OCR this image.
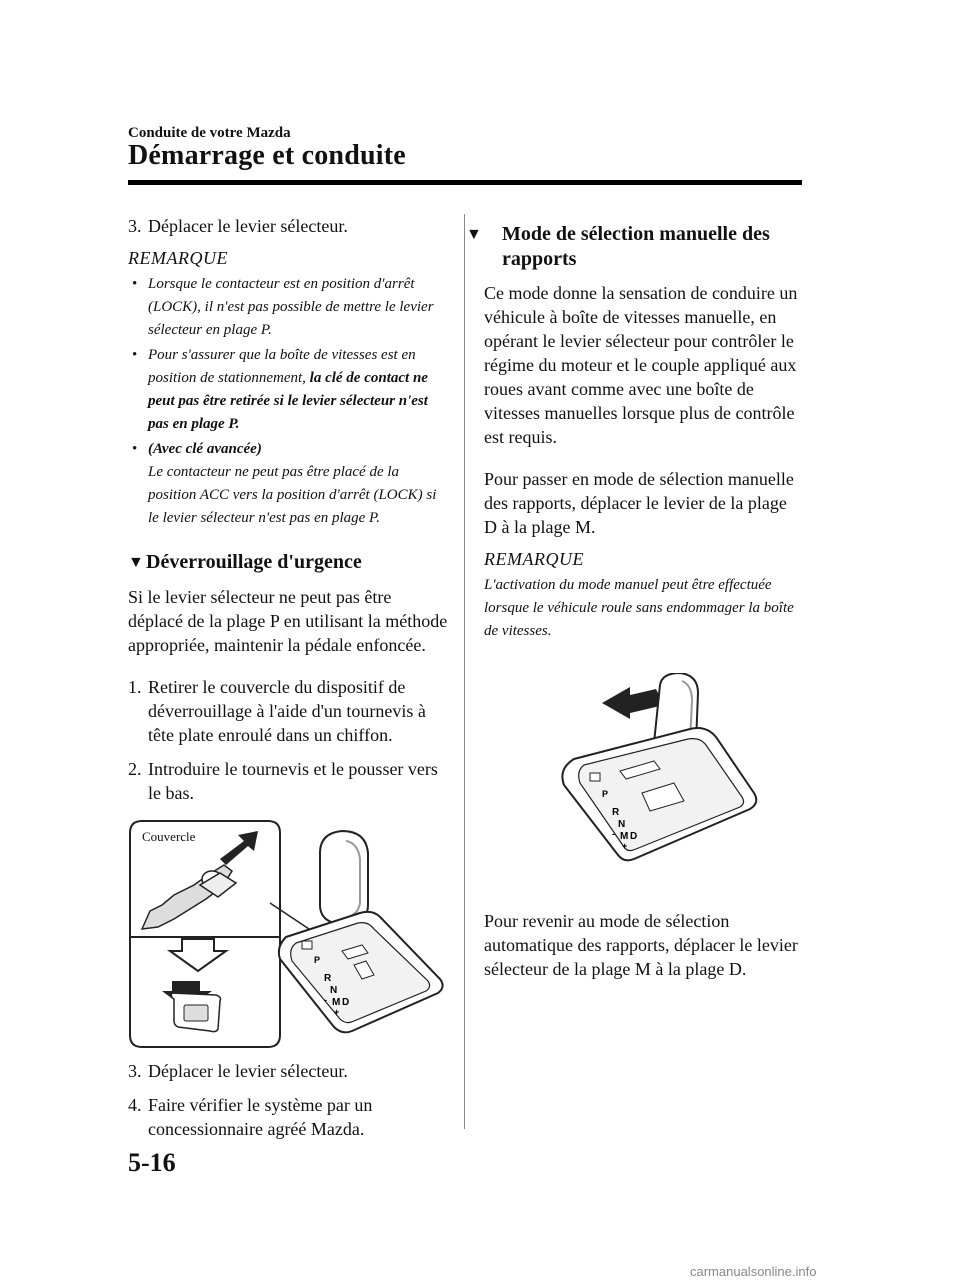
Conduite de votre Mazda
Démarrage et conduite

3. Déplacer le levier sélecteur.

REMARQUE
• Lorsque le contacteur est en position d'arrêt (LOCK), il n'est pas possible de mettre le levier sélecteur en plage P.
• Pour s'assurer que la boîte de vitesses est en position de stationnement, la clé de contact ne peut pas être retirée si le levier sélecteur n'est pas en plage P.
• (Avec clé avancée)
Le contacteur ne peut pas être placé de la position ACC vers la position d'arrêt (LOCK) si le levier sélecteur n'est pas en plage P.
▼ Déverrouillage d'urgence

Si le levier sélecteur ne peut pas être déplacé de la plage P en utilisant la méthode appropriée, maintenir la pédale enfoncée.

1. Retirer le couvercle du dispositif de déverrouillage à l'aide d'un tournevis à tête plate enroulé dans un chiffon.

2. Introduire le tournevis et le pousser vers le bas.

P
R
N
M D
-
+
Couvercle

3. Déplacer le levier sélecteur.

4. Faire vérifier le système par un concessionnaire agréé Mazda.

▼ Mode de sélection manuelle des rapports

Ce mode donne la sensation de conduire un véhicule à boîte de vitesses manuelle, en opérant le levier sélecteur pour contrôler le régime du moteur et le couple appliqué aux roues avant comme avec une boîte de vitesses manuelles lorsque plus de contrôle est requis.

Pour passer en mode de sélection manuelle des rapports, déplacer le levier de la plage D à la plage M.

REMARQUE

L'activation du mode manuel peut être effectuée lorsque le véhicule roule sans endommager la boîte de vitesses.

P
R
N
M D
-
+

Pour revenir au mode de sélection automatique des rapports, déplacer le levier sélecteur de la plage M à la plage D.

5-16
carmanualsonline.info
